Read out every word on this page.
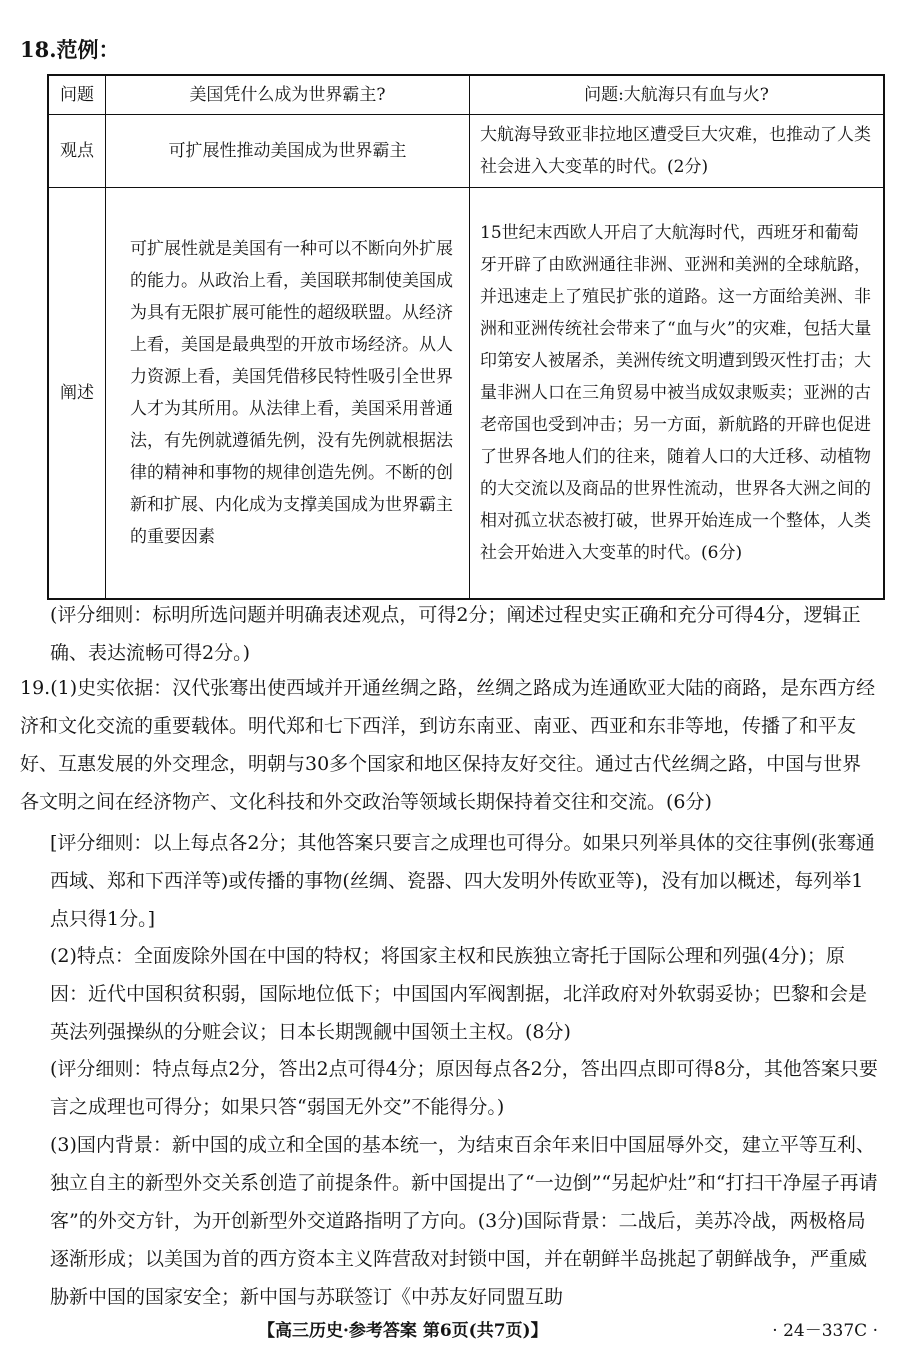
18.范例：
问题	美国凭什么成为世界霸主?	问题:大航海只有血与火?
观点	可扩展性推动美国成为世界霸主	大航海导致亚非拉地区遭受巨大灾难，也推动了人类社会进入大变革的时代。(2分)
阐述	可扩展性就是美国有一种可以不断向外扩展的能力。从政治上看，美国联邦制使美国成为具有无限扩展可能性的超级联盟。从经济上看，美国是最典型的开放市场经济。从人力资源上看，美国凭借移民特性吸引全世界人才为其所用。从法律上看，美国采用普通法，有先例就遵循先例，没有先例就根据法律的精神和事物的规律创造先例。不断的创新和扩展、内化成为支撑美国成为世界霸主的重要因素	15世纪末西欧人开启了大航海时代，西班牙和葡萄牙开辟了由欧洲通往非洲、亚洲和美洲的全球航路，并迅速走上了殖民扩张的道路。这一方面给美洲、非洲和亚洲传统社会带来了“血与火”的灾难，包括大量印第安人被屠杀，美洲传统文明遭到毁灭性打击；大量非洲人口在三角贸易中被当成奴隶贩卖；亚洲的古老帝国也受到冲击；另一方面，新航路的开辟也促进了世界各地人们的往来，随着人口的大迁移、动植物的大交流以及商品的世界性流动，世界各大洲之间的相对孤立状态被打破，世界开始连成一个整体，人类社会开始进入大变革的时代。(6分)
(评分细则：标明所选问题并明确表述观点，可得2分；阐述过程史实正确和充分可得4分，逻辑正确、表达流畅可得2分。)
19.(1)史实依据：汉代张骞出使西域并开通丝绸之路，丝绸之路成为连通欧亚大陆的商路，是东西方经济和文化交流的重要载体。明代郑和七下西洋，到访东南亚、南亚、西亚和东非等地，传播了和平友好、互惠发展的外交理念，明朝与30多个国家和地区保持友好交往。通过古代丝绸之路，中国与世界各文明之间在经济物产、文化科技和外交政治等领域长期保持着交往和交流。(6分)
[评分细则：以上每点各2分；其他答案只要言之成理也可得分。如果只列举具体的交往事例(张骞通西域、郑和下西洋等)或传播的事物(丝绸、瓷器、四大发明外传欧亚等)，没有加以概述，每列举1点只得1分。]
(2)特点：全面废除外国在中国的特权；将国家主权和民族独立寄托于国际公理和列强(4分)；原因：近代中国积贫积弱，国际地位低下；中国国内军阀割据，北洋政府对外软弱妥协；巴黎和会是英法列强操纵的分赃会议；日本长期觊觎中国领土主权。(8分)
(评分细则：特点每点2分，答出2点可得4分；原因每点各2分，答出四点即可得8分，其他答案只要言之成理也可得分；如果只答“弱国无外交”不能得分。)
(3)国内背景：新中国的成立和全国的基本统一，为结束百余年来旧中国屈辱外交，建立平等互利、独立自主的新型外交关系创造了前提条件。新中国提出了“一边倒”“另起炉灶”和“打扫干净屋子再请客”的外交方针，为开创新型外交道路指明了方向。(3分)国际背景：二战后，美苏冷战，两极格局逐渐形成；以美国为首的西方资本主义阵营敌对封锁中国，并在朝鲜半岛挑起了朝鲜战争，严重威胁新中国的国家安全；新中国与苏联签订《中苏友好同盟互助
【高三历史·参考答案 第6页(共7页)】	· 24－337C ·
